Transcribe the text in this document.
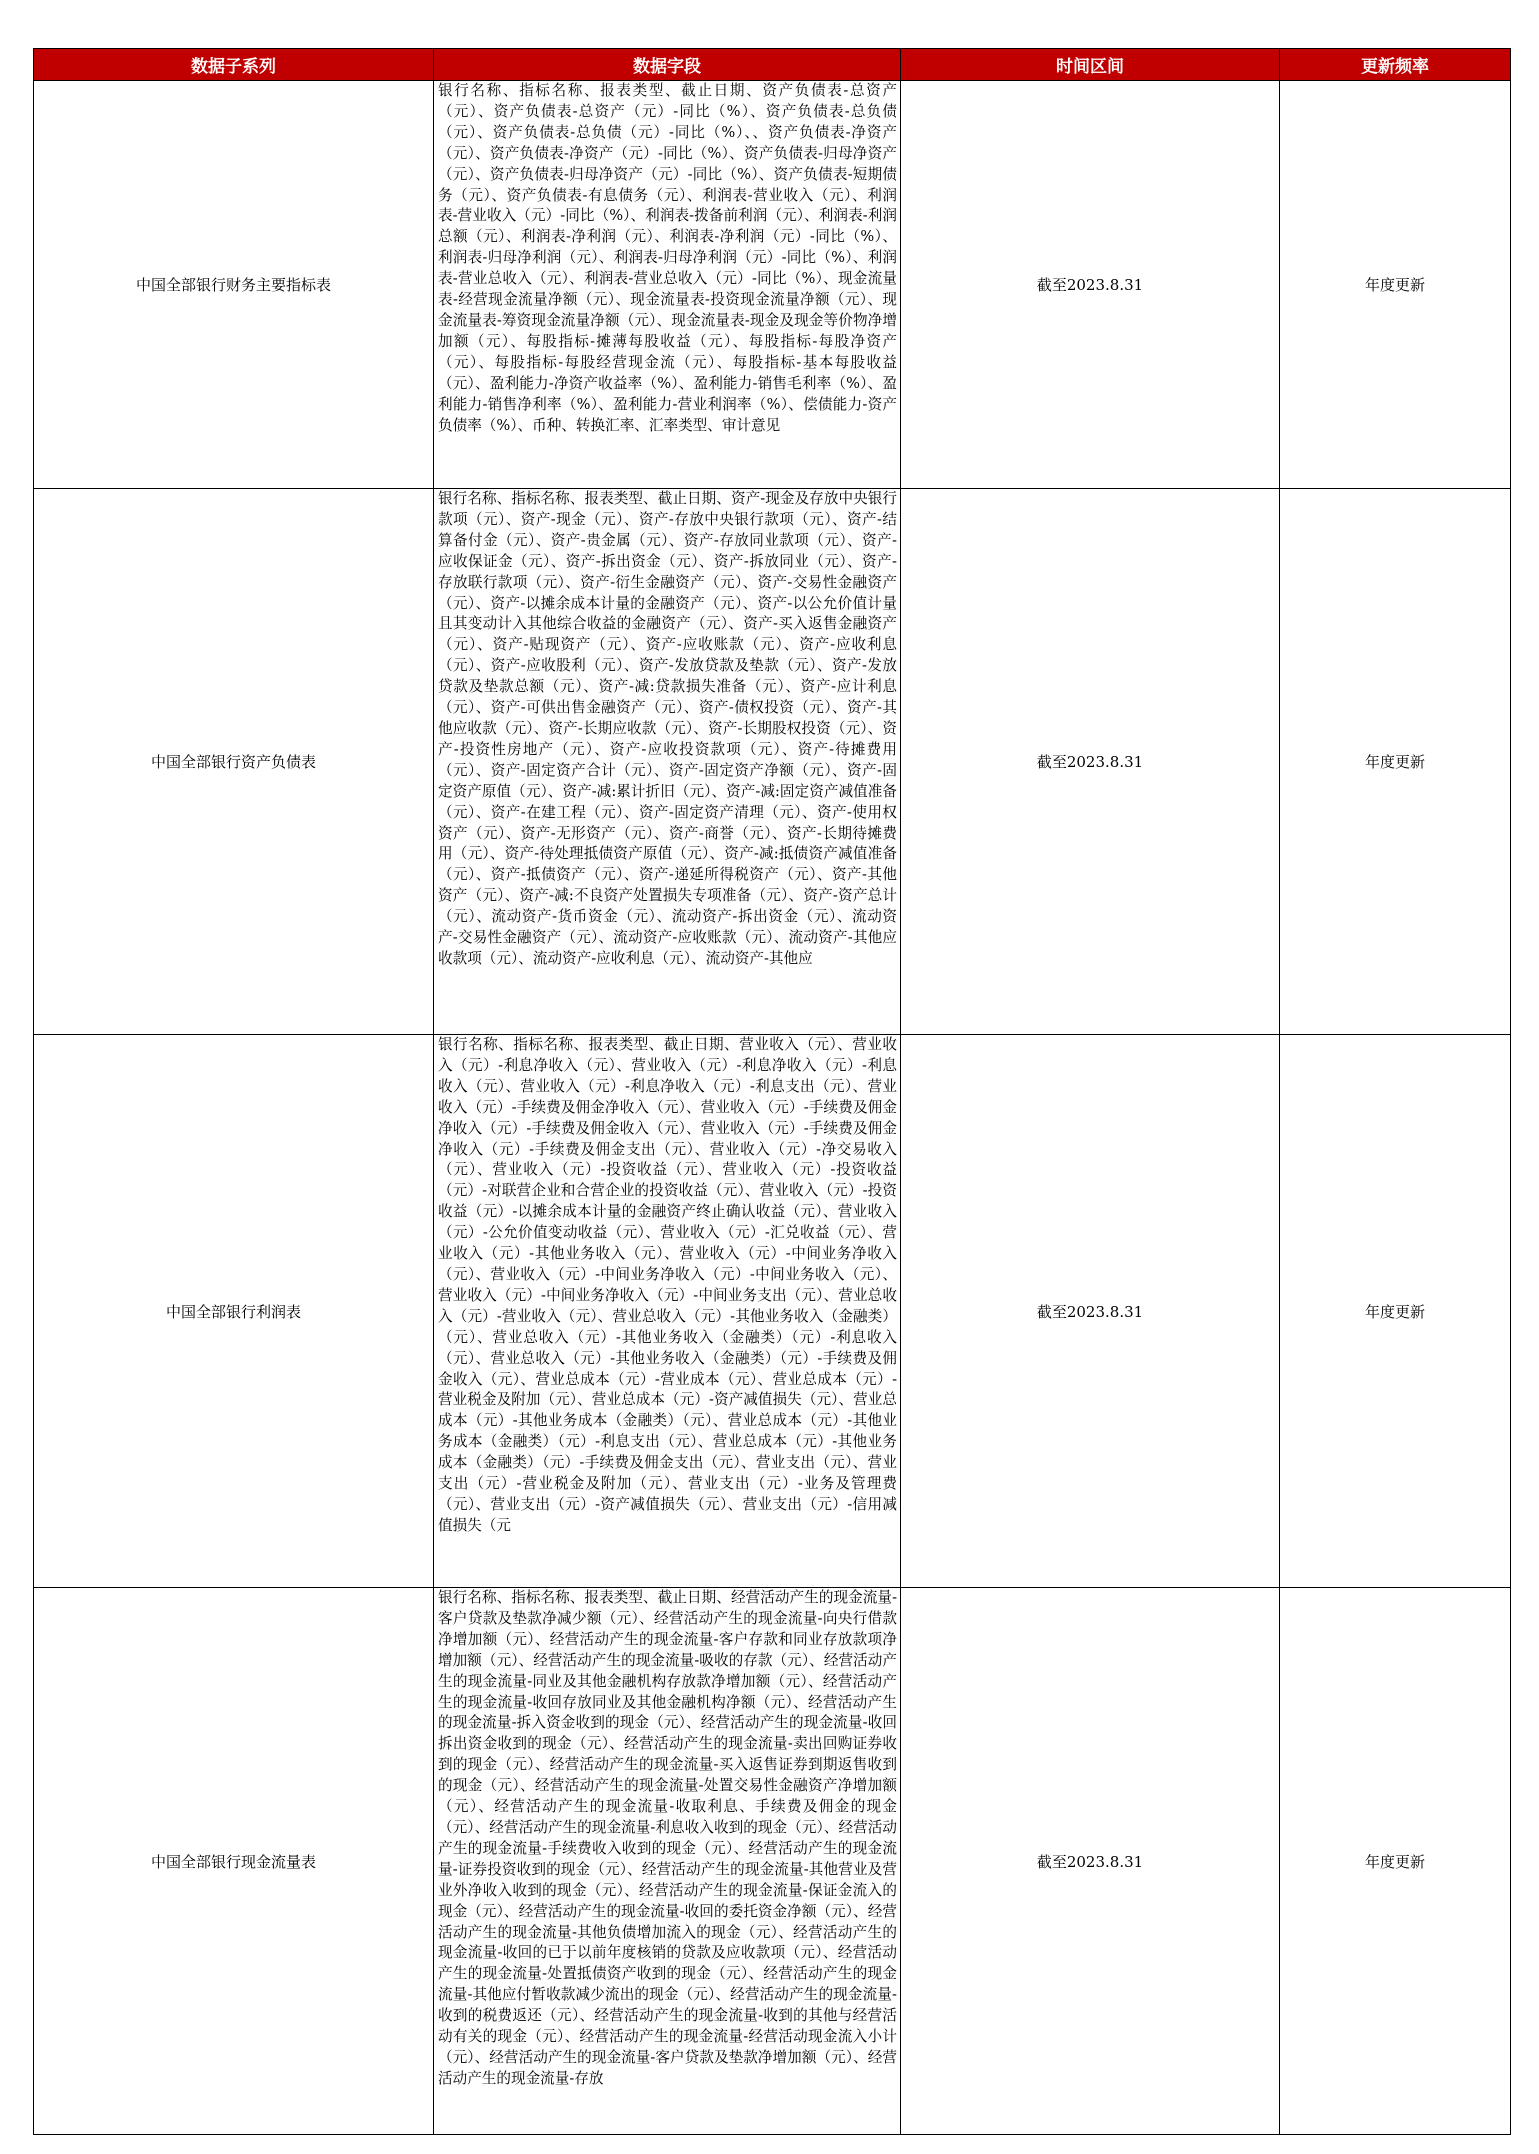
数据子系列	数据字段	时间区间	更新频率
中国全部银行财务主要指标表	银行名称、指标名称、报表类型、截止日期、资产负债表-总资产（元）、资产负债表-总资产（元）-同比（%）、资产负债表-总负债（元）、资产负债表-总负债（元）-同比（%）、、资产负债表-净资产（元）、资产负债表-净资产（元）-同比（%）、资产负债表-归母净资产（元）、资产负债表-归母净资产（元）-同比（%）、资产负债表-短期债务（元）、资产负债表-有息债务（元）、利润表-营业收入（元）、利润表-营业收入（元）-同比（%）、利润表-拨备前利润（元）、利润表-利润总额（元）、利润表-净利润（元）、利润表-净利润（元）-同比（%）、利润表-归母净利润（元）、利润表-归母净利润（元）-同比（%）、利润表-营业总收入（元）、利润表-营业总收入（元）-同比（%）、现金流量表-经营现金流量净额（元）、现金流量表-投资现金流量净额（元）、现金流量表-筹资现金流量净额（元）、现金流量表-现金及现金等价物净增加额（元）、每股指标-摊薄每股收益（元）、每股指标-每股净资产（元）、每股指标-每股经营现金流（元）、每股指标-基本每股收益（元）、盈利能力-净资产收益率（%）、盈利能力-销售毛利率（%）、盈利能力-销售净利率（%）、盈利能力-营业利润率（%）、偿债能力-资产负债率（%）、币种、转换汇率、汇率类型、审计意见	截至2023.8.31	年度更新
中国全部银行资产负债表	银行名称、指标名称、报表类型、截止日期、资产-现金及存放中央银行款项（元）、资产-现金（元）、资产-存放中央银行款项（元）、资产-结算备付金（元）、资产-贵金属（元）、资产-存放同业款项（元）、资产-应收保证金（元）、资产-拆出资金（元）、资产-拆放同业（元）、资产-存放联行款项（元）、资产-衍生金融资产（元）、资产-交易性金融资产（元）、资产-以摊余成本计量的金融资产（元）、资产-以公允价值计量且其变动计入其他综合收益的金融资产（元）、资产-买入返售金融资产（元）、资产-贴现资产（元）、资产-应收账款（元）、资产-应收利息（元）、资产-应收股利（元）、资产-发放贷款及垫款（元）、资产-发放贷款及垫款总额（元）、资产-减:贷款损失准备（元）、资产-应计利息（元）、资产-可供出售金融资产（元）、资产-债权投资（元）、资产-其他应收款（元）、资产-长期应收款（元）、资产-长期股权投资（元）、资产-投资性房地产（元）、资产-应收投资款项（元）、资产-待摊费用（元）、资产-固定资产合计（元）、资产-固定资产净额（元）、资产-固定资产原值（元）、资产-减:累计折旧（元）、资产-减:固定资产减值准备（元）、资产-在建工程（元）、资产-固定资产清理（元）、资产-使用权资产（元）、资产-无形资产（元）、资产-商誉（元）、资产-长期待摊费用（元）、资产-待处理抵债资产原值（元）、资产-减:抵债资产减值准备（元）、资产-抵债资产（元）、资产-递延所得税资产（元）、资产-其他资产（元）、资产-减:不良资产处置损失专项准备（元）、资产-资产总计（元）、流动资产-货币资金（元）、流动资产-拆出资金（元）、流动资产-交易性金融资产（元）、流动资产-应收账款（元）、流动资产-其他应收款项（元）、流动资产-应收利息（元）、流动资产-其他应	截至2023.8.31	年度更新
中国全部银行利润表	银行名称、指标名称、报表类型、截止日期、营业收入（元）、营业收入（元）-利息净收入（元）、营业收入（元）-利息净收入（元）-利息收入（元）、营业收入（元）-利息净收入（元）-利息支出（元）、营业收入（元）-手续费及佣金净收入（元）、营业收入（元）-手续费及佣金净收入（元）-手续费及佣金收入（元）、营业收入（元）-手续费及佣金净收入（元）-手续费及佣金支出（元）、营业收入（元）-净交易收入（元）、营业收入（元）-投资收益（元）、营业收入（元）-投资收益（元）-对联营企业和合营企业的投资收益（元）、营业收入（元）-投资收益（元）-以摊余成本计量的金融资产终止确认收益（元）、营业收入（元）-公允价值变动收益（元）、营业收入（元）-汇兑收益（元）、营业收入（元）-其他业务收入（元）、营业收入（元）-中间业务净收入（元）、营业收入（元）-中间业务净收入（元）-中间业务收入（元）、营业收入（元）-中间业务净收入（元）-中间业务支出（元）、营业总收入（元）-营业收入（元）、营业总收入（元）-其他业务收入（金融类）（元）、营业总收入（元）-其他业务收入（金融类）（元）-利息收入（元）、营业总收入（元）-其他业务收入（金融类）（元）-手续费及佣金收入（元）、营业总成本（元）-营业成本（元）、营业总成本（元）-营业税金及附加（元）、营业总成本（元）-资产减值损失（元）、营业总成本（元）-其他业务成本（金融类）（元）、营业总成本（元）-其他业务成本（金融类）（元）-利息支出（元）、营业总成本（元）-其他业务成本（金融类）（元）-手续费及佣金支出（元）、营业支出（元）、营业支出（元）-营业税金及附加（元）、营业支出（元）-业务及管理费（元）、营业支出（元）-资产减值损失（元）、营业支出（元）-信用减值损失（元	截至2023.8.31	年度更新
中国全部银行现金流量表	银行名称、指标名称、报表类型、截止日期、经营活动产生的现金流量-客户贷款及垫款净减少额（元）、经营活动产生的现金流量-向央行借款净增加额（元）、经营活动产生的现金流量-客户存款和同业存放款项净增加额（元）、经营活动产生的现金流量-吸收的存款（元）、经营活动产生的现金流量-同业及其他金融机构存放款净增加额（元）、经营活动产生的现金流量-收回存放同业及其他金融机构净额（元）、经营活动产生的现金流量-拆入资金收到的现金（元）、经营活动产生的现金流量-收回拆出资金收到的现金（元）、经营活动产生的现金流量-卖出回购证券收到的现金（元）、经营活动产生的现金流量-买入返售证券到期返售收到的现金（元）、经营活动产生的现金流量-处置交易性金融资产净增加额（元）、经营活动产生的现金流量-收取利息、手续费及佣金的现金（元）、经营活动产生的现金流量-利息收入收到的现金（元）、经营活动产生的现金流量-手续费收入收到的现金（元）、经营活动产生的现金流量-证券投资收到的现金（元）、经营活动产生的现金流量-其他营业及营业外净收入收到的现金（元）、经营活动产生的现金流量-保证金流入的现金（元）、经营活动产生的现金流量-收回的委托资金净额（元）、经营活动产生的现金流量-其他负债增加流入的现金（元）、经营活动产生的现金流量-收回的已于以前年度核销的贷款及应收款项（元）、经营活动产生的现金流量-处置抵债资产收到的现金（元）、经营活动产生的现金流量-其他应付暂收款减少流出的现金（元）、经营活动产生的现金流量-收到的税费返还（元）、经营活动产生的现金流量-收到的其他与经营活动有关的现金（元）、经营活动产生的现金流量-经营活动现金流入小计（元）、经营活动产生的现金流量-客户贷款及垫款净增加额（元）、经营活动产生的现金流量-存放	截至2023.8.31	年度更新
